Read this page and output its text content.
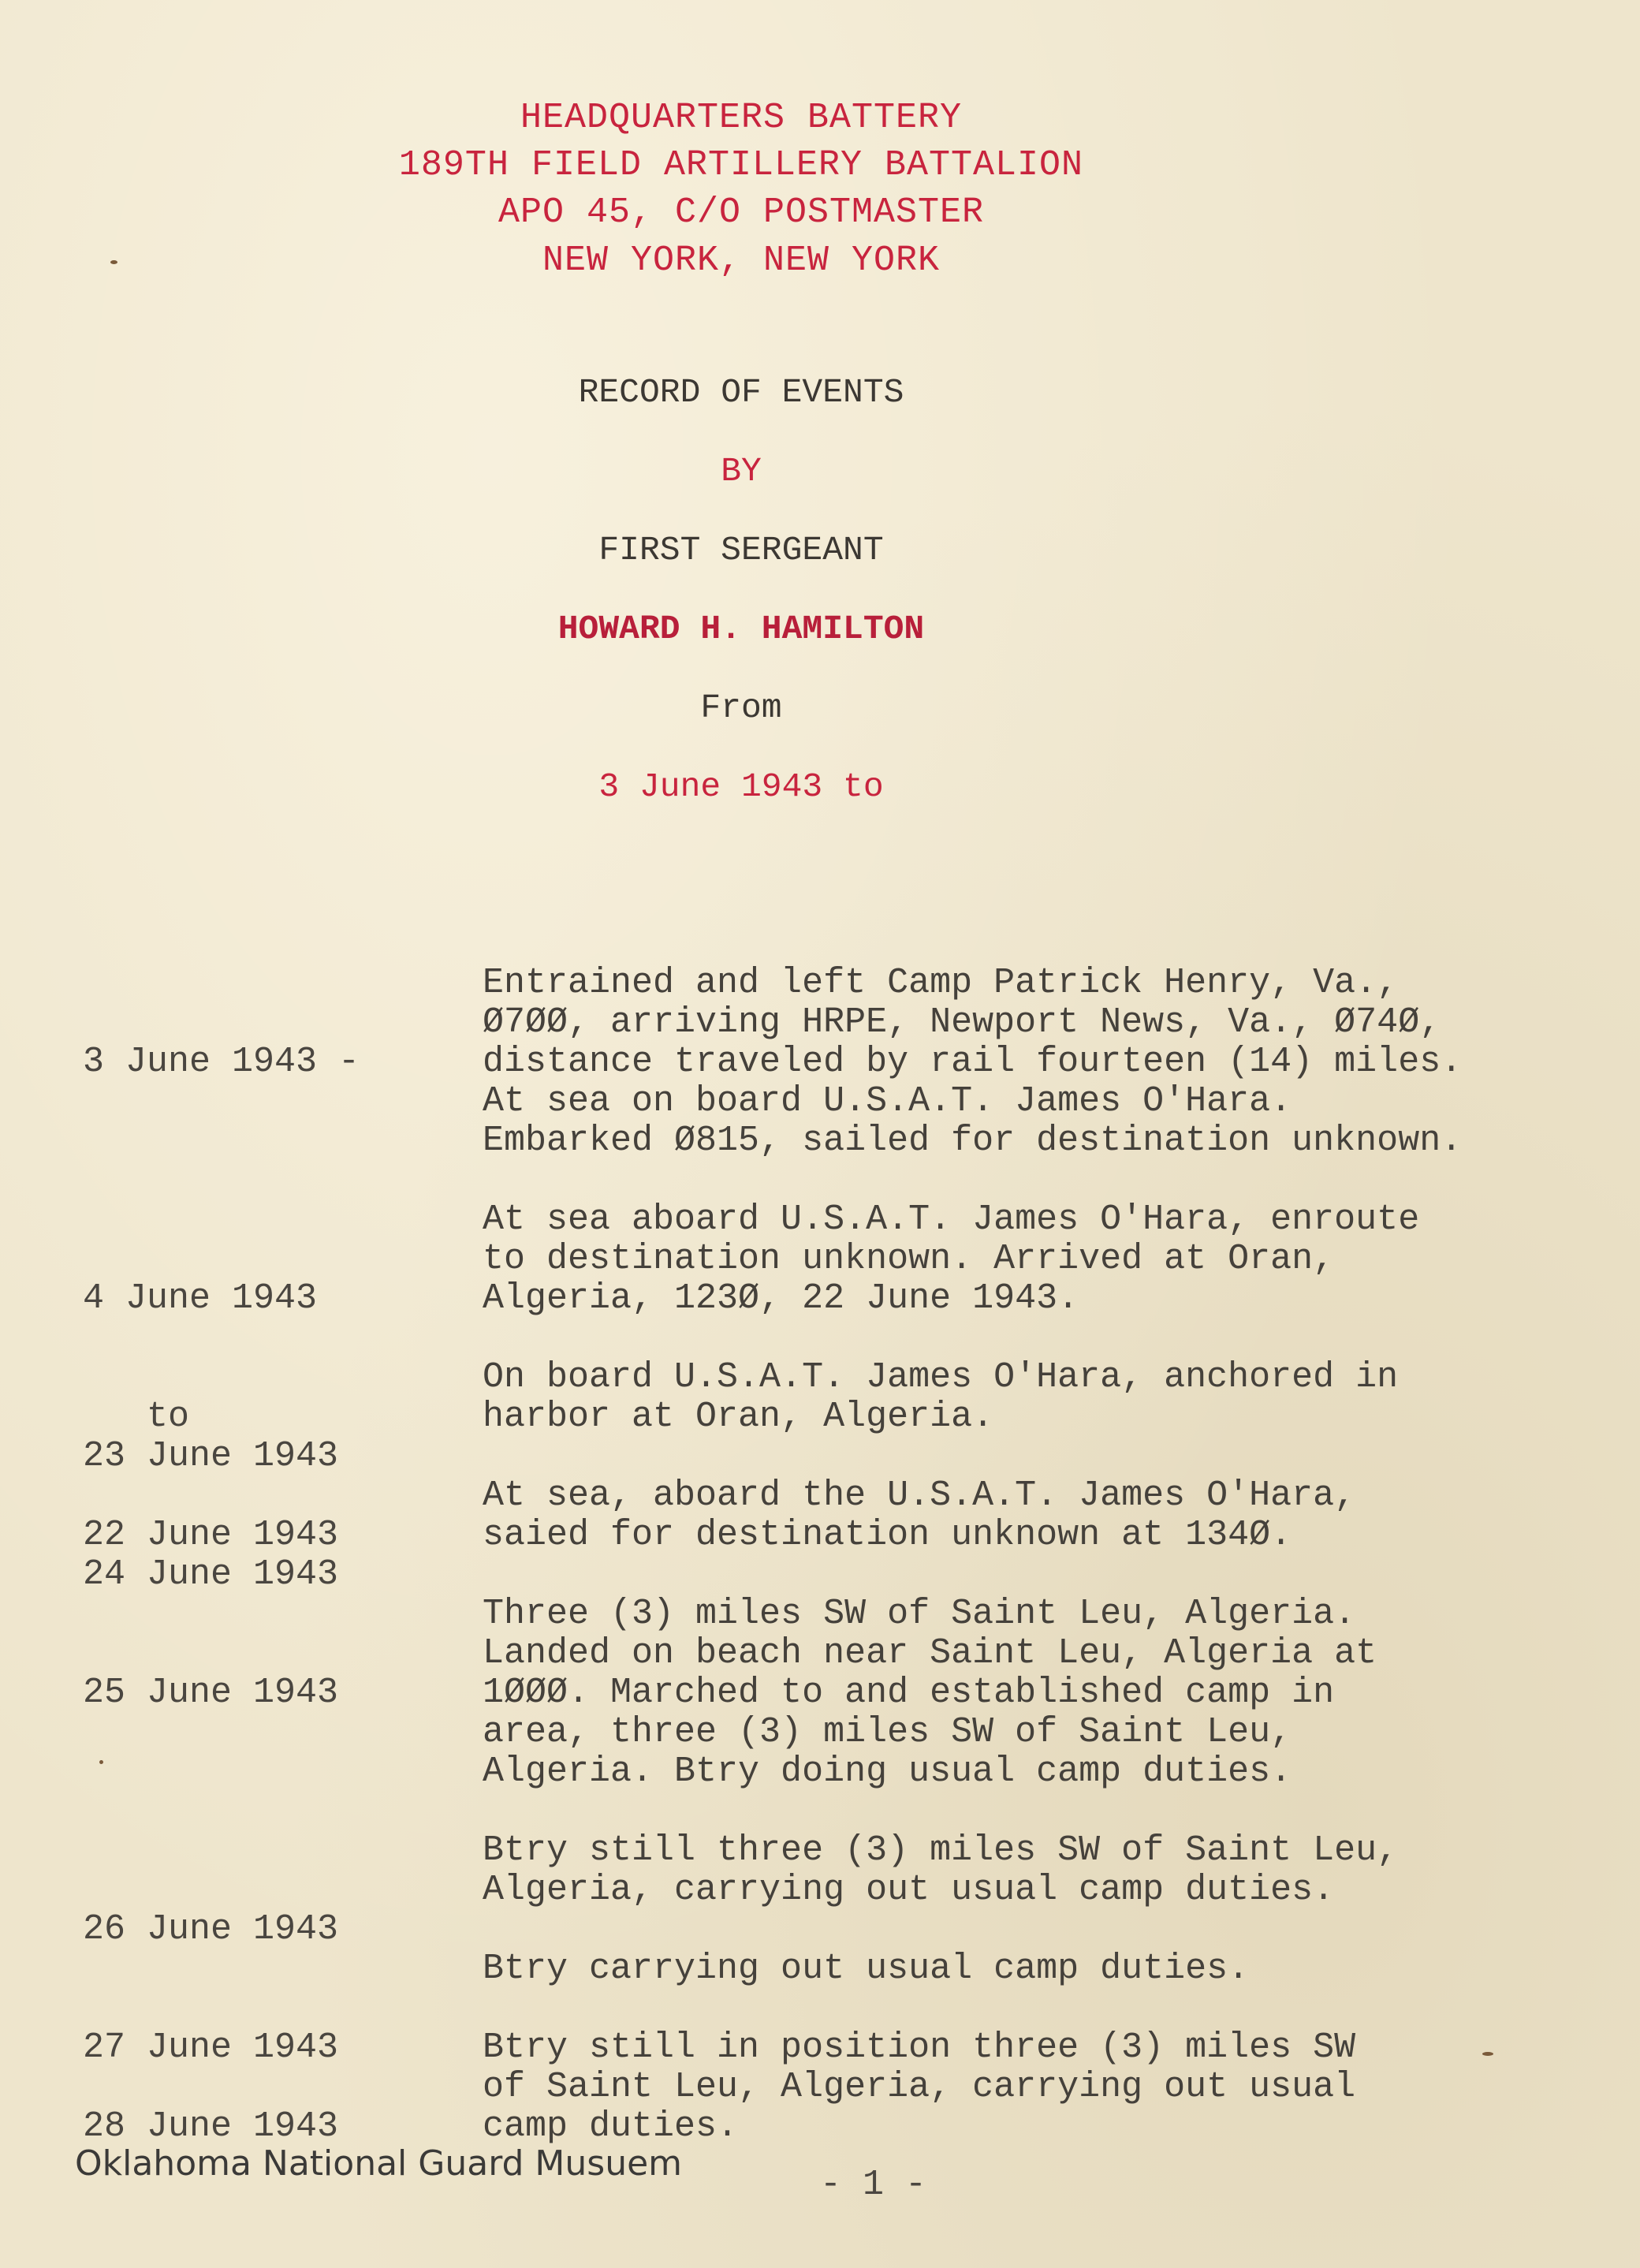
HEADQUARTERS BATTERY
189TH FIELD ARTILLERY BATTALION
APO 45, C/O POSTMASTER
NEW YORK, NEW YORK
RECORD OF EVENTS
BY
FIRST SERGEANT
HOWARD H. HAMILTON
From
3 June 1943 to

3 June 1943 -

Entrained and left Camp Patrick Henry, Va.,
Ø7ØØ, arriving HRPE, Newport News, Va., Ø74Ø,
distance traveled by rail fourteen (14) miles.
At sea on board U.S.A.T. James O'Hara.
Embarked Ø815, sailed for destination unknown.

4 June 1943

to

22 June 1943

At sea aboard U.S.A.T. James O'Hara, enroute
to destination unknown. Arrived at Oran,
Algeria, 123Ø, 22 June 1943.

23 June 1943

On board U.S.A.T. James O'Hara, anchored in
harbor at Oran, Algeria.

24 June 1943

At sea, aboard the U.S.A.T. James O'Hara,
saied for destination unknown at 134Ø.

25 June 1943

Three (3) miles SW of Saint Leu, Algeria.
Landed on beach near Saint Leu, Algeria at
1ØØØ. Marched to and established camp in
area, three (3) miles SW of Saint Leu,
Algeria. Btry doing usual camp duties.

26 June 1943

Btry still three (3) miles SW of Saint Leu,
Algeria, carrying out usual camp duties.

27 June 1943

Btry carrying out usual camp duties.

28 June 1943

Btry still in position three (3) miles SW
of Saint Leu, Algeria, carrying out usual
camp duties.
Oklahoma National Guard Musuem
- 1 -
